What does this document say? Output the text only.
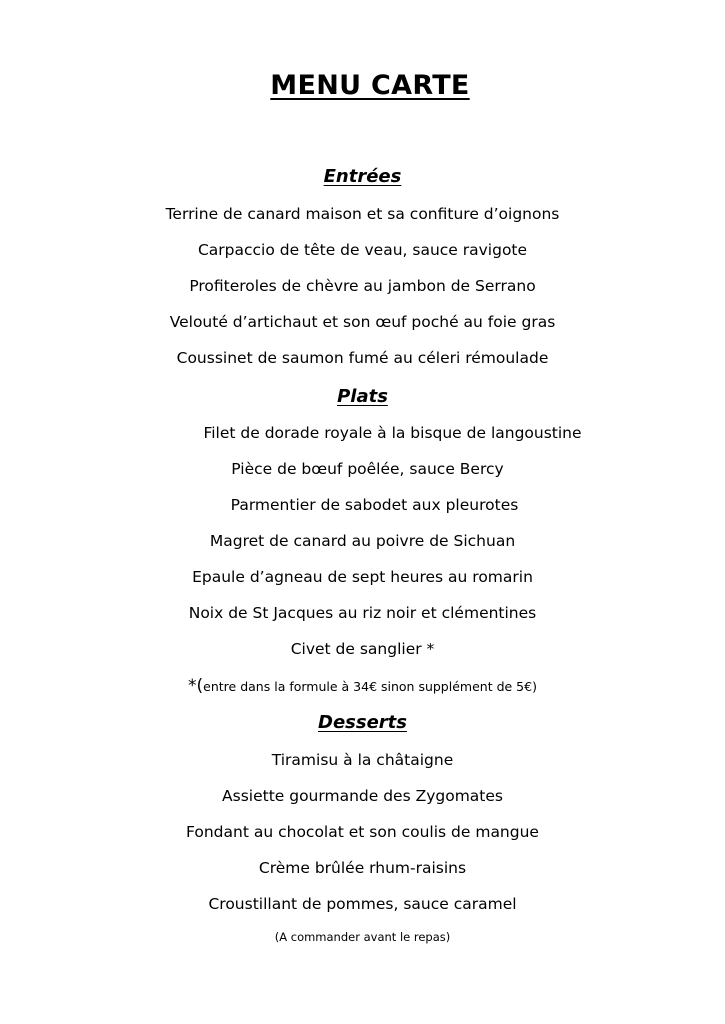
MENU CARTE
Entrées

Terrine de canard maison et sa confiture d’oignons

Carpaccio de tête de veau, sauce ravigote

Profiteroles de chèvre au jambon de Serrano

Velouté d’artichaut et son œuf poché au foie gras

Coussinet de saumon fumé au céleri rémoulade

Plats

Filet de dorade royale à la bisque de langoustine

Pièce de bœuf poêlée, sauce Bercy

Parmentier de sabodet aux pleurotes

Magret de canard au poivre de Sichuan

Epaule d’agneau de sept heures au romarin

Noix de St Jacques au riz noir et clémentines

Civet de sanglier *

*(entre dans la formule à 34€ sinon supplément de 5€)

Desserts

Tiramisu à la châtaigne

Assiette gourmande des Zygomates

Fondant au chocolat et son coulis de mangue

Crème brûlée rhum-raisins

Croustillant de pommes, sauce caramel

(A commander avant le repas)
